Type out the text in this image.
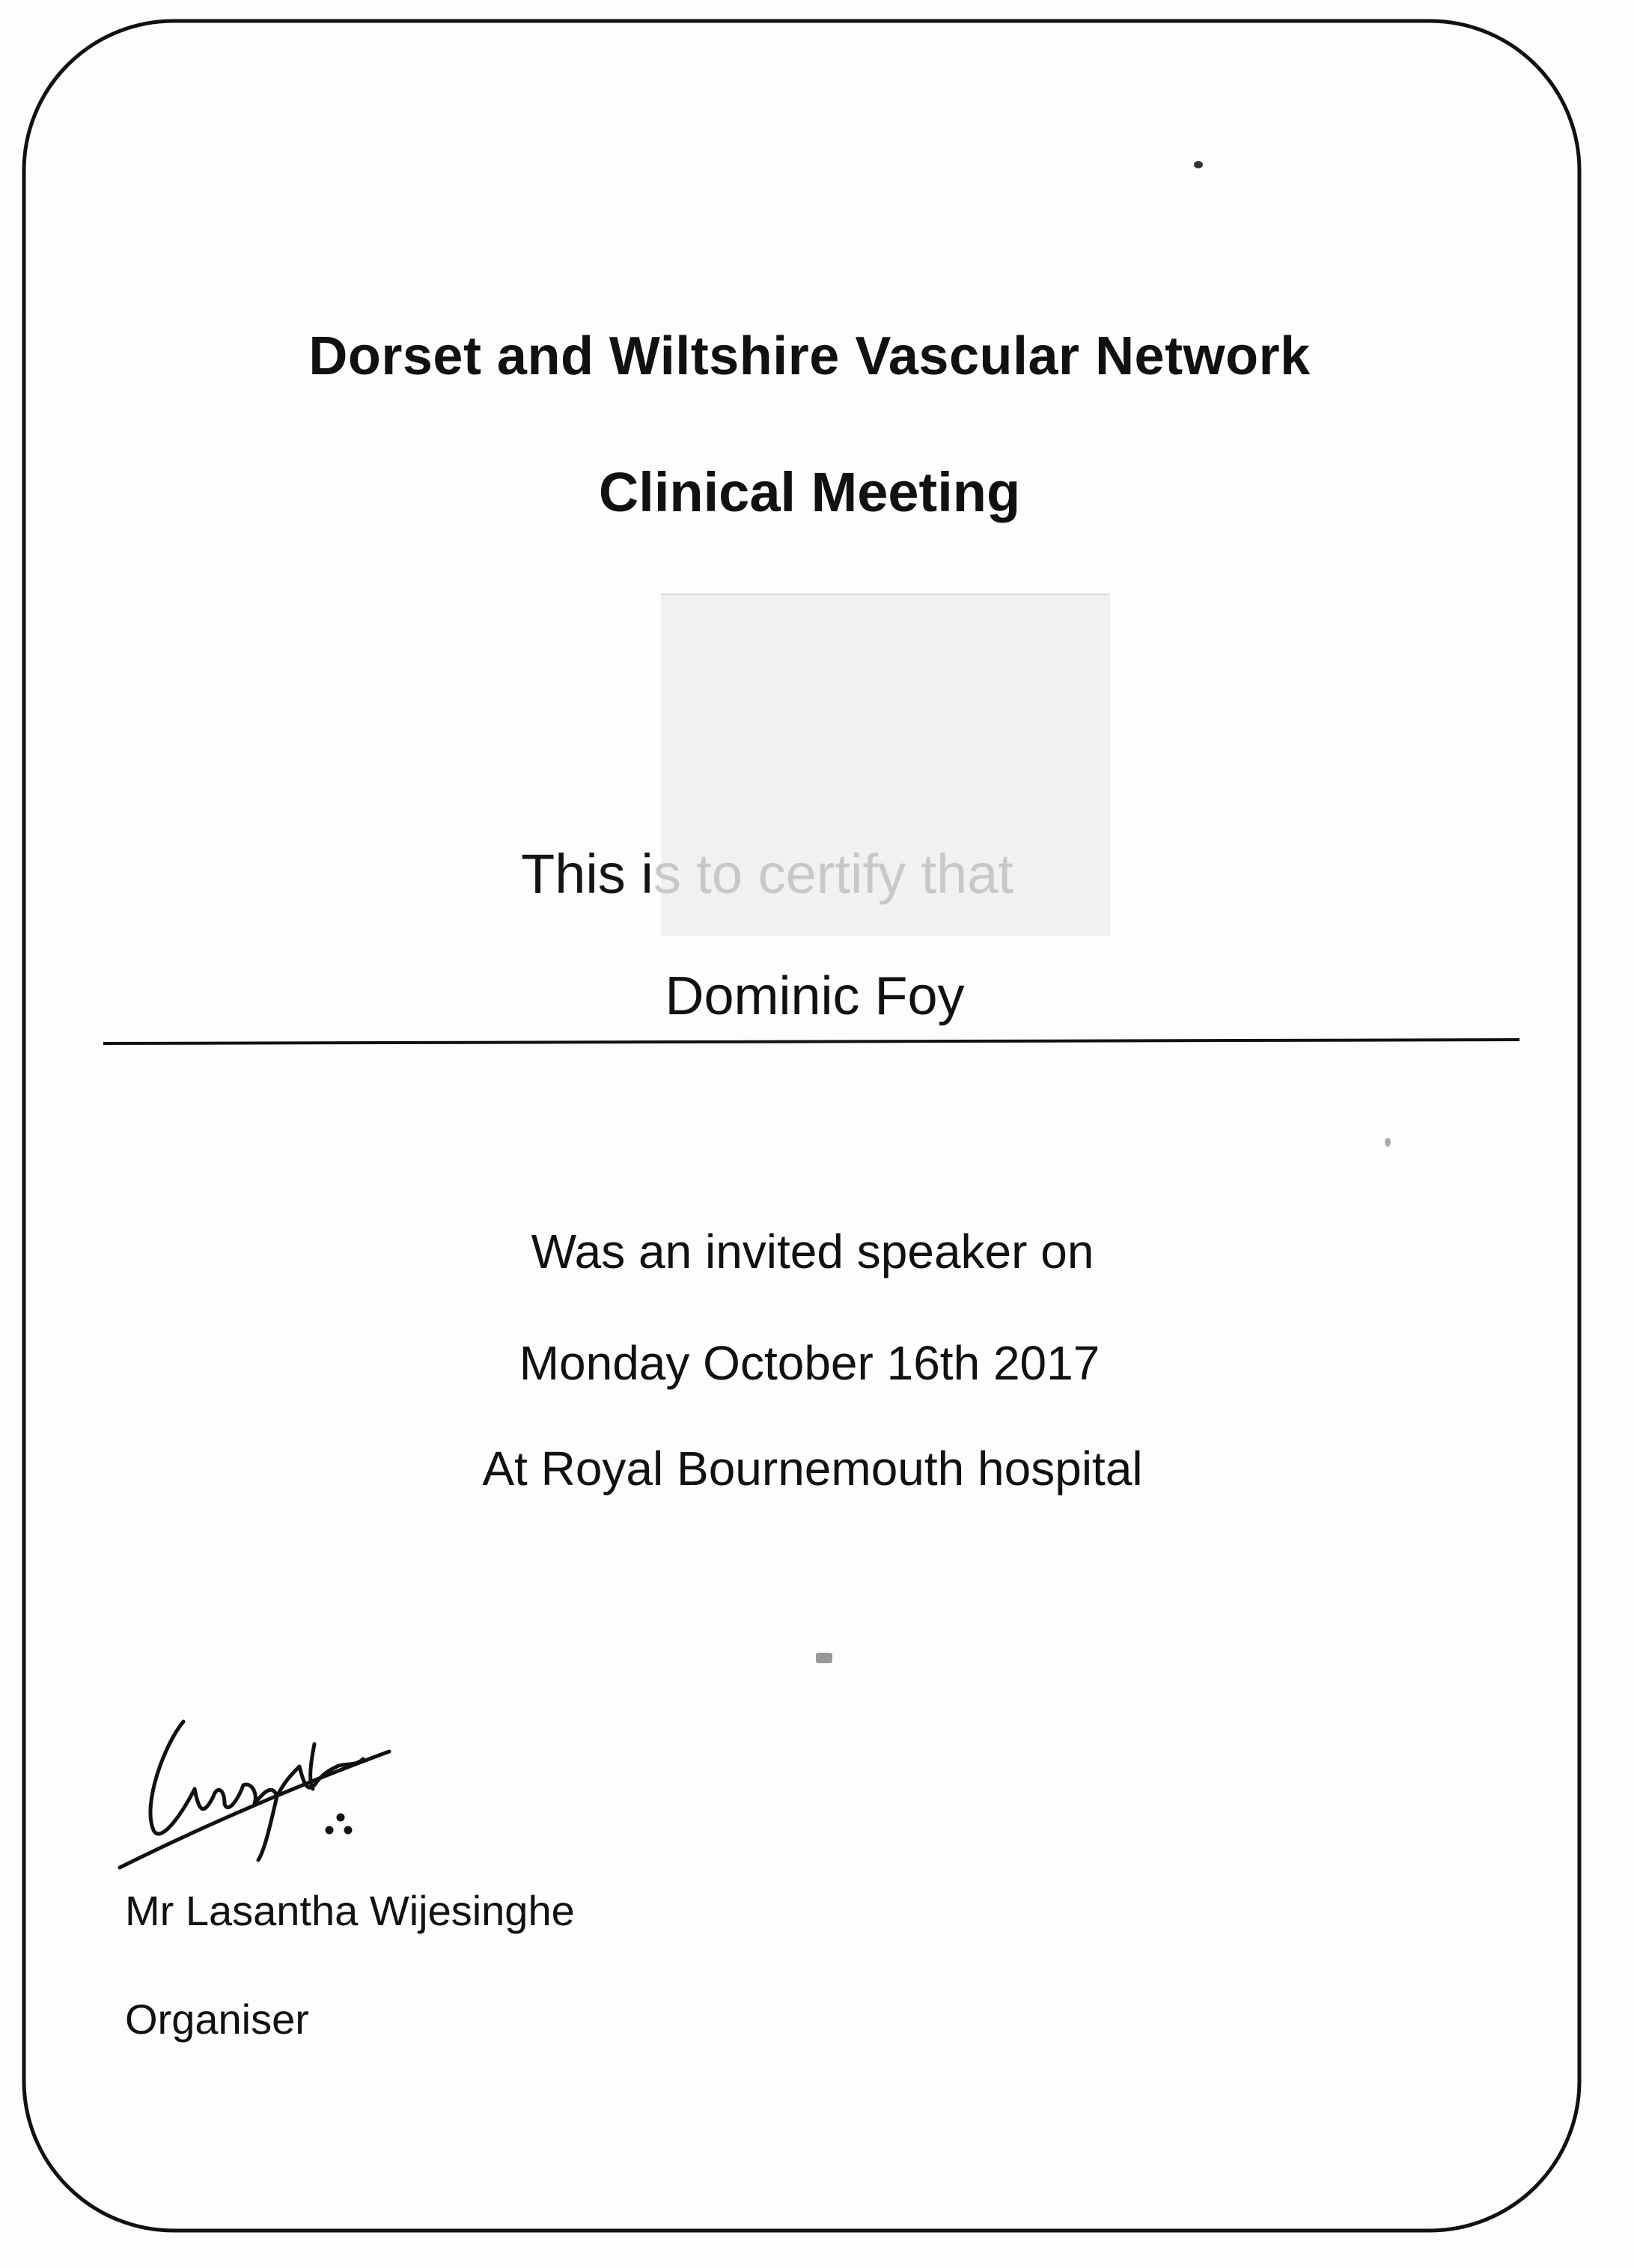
Dorset and Wiltshire Vascular Network
Clinical Meeting
This is to certify that
Dominic Foy
Was an invited speaker on
Monday October 16th 2017
At Royal Bournemouth hospital
Mr Lasantha Wijesinghe
Organiser
